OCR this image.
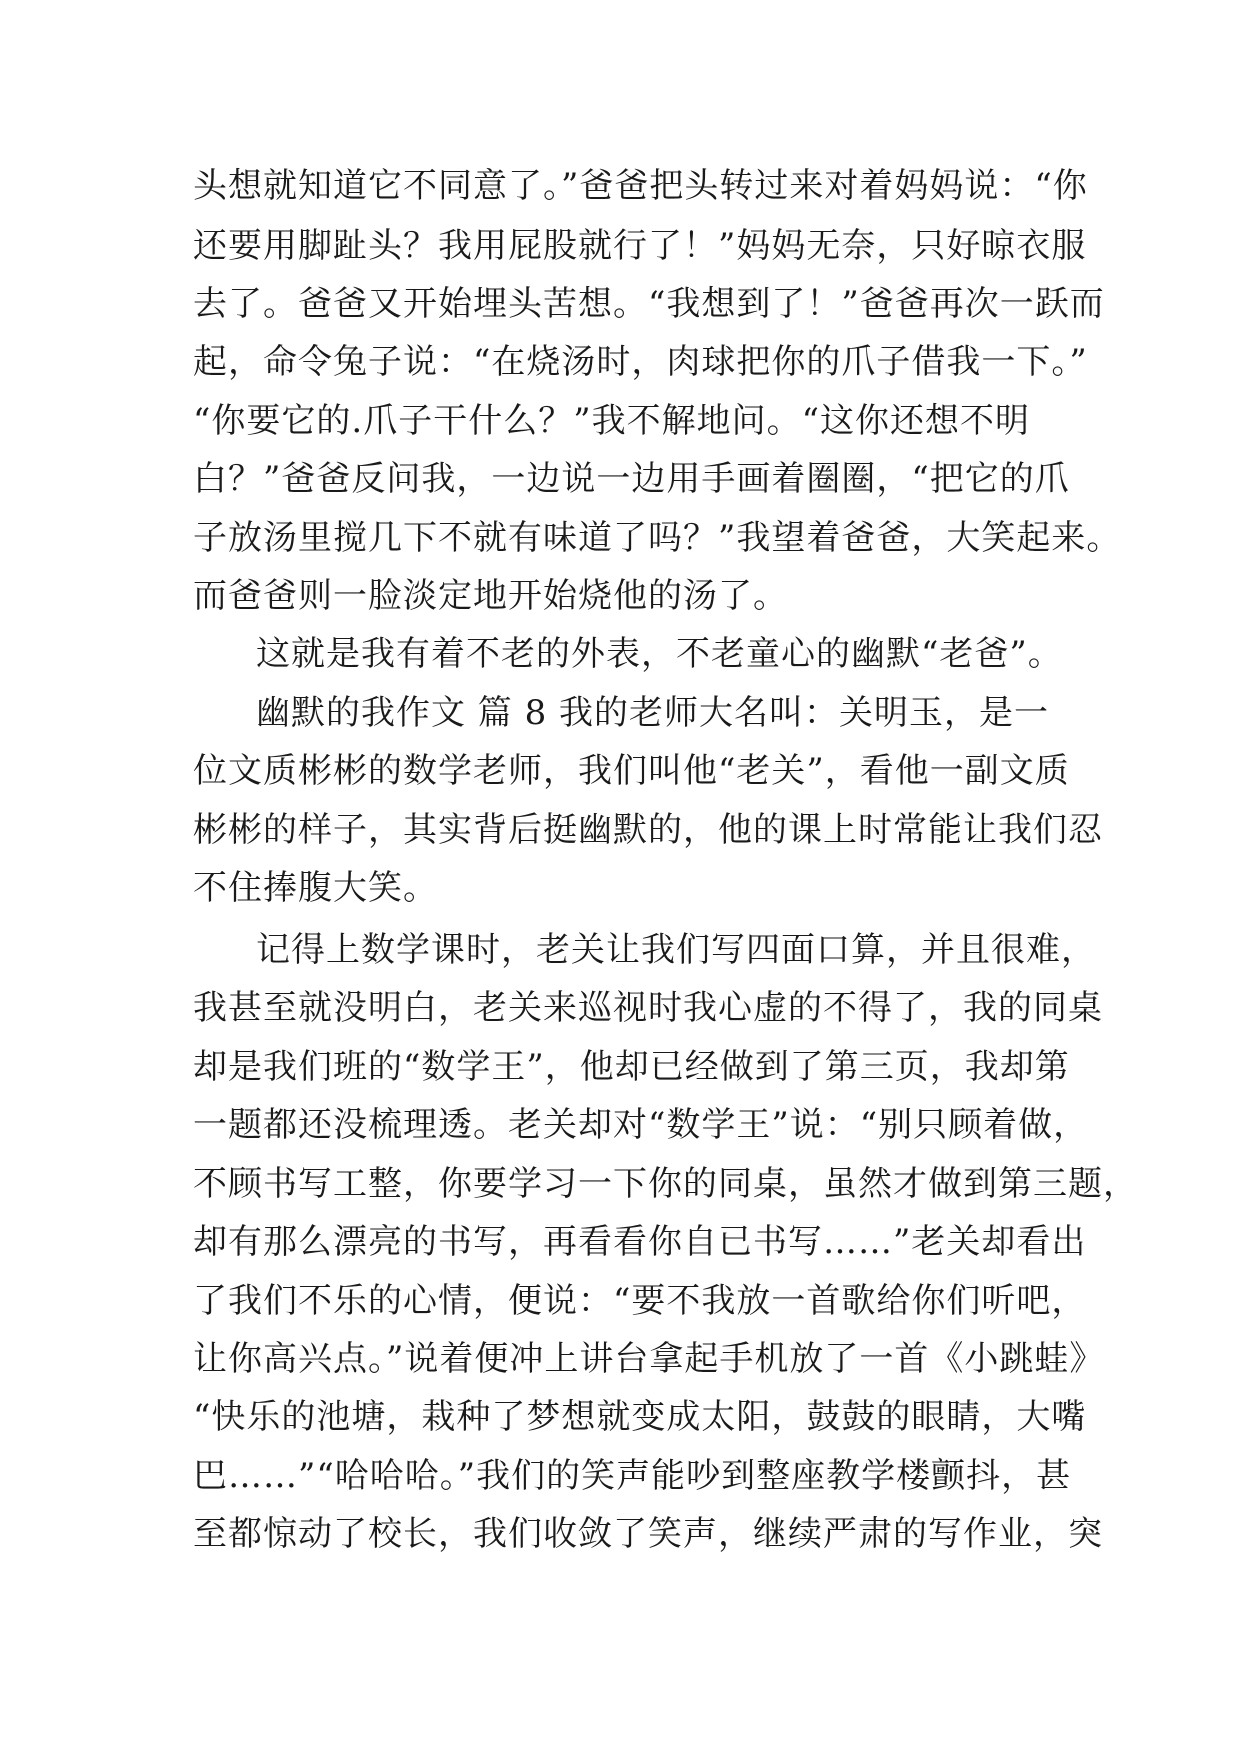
头想就知道它不同意了。”爸爸把头转过来对着妈妈说：“你
还要用脚趾头？我用屁股就行了！”妈妈无奈，只好晾衣服
去了。爸爸又开始埋头苦想。“我想到了！”爸爸再次一跃而
起，命令兔子说：“在烧汤时，肉球把你的爪子借我一下。”
“你要它的.爪子干什么？”我不解地问。“这你还想不明
白？”爸爸反问我，一边说一边用手画着圈圈，“把它的爪
子放汤里搅几下不就有味道了吗？”我望着爸爸，大笑起来。
而爸爸则一脸淡定地开始烧他的汤了。
这就是我有着不老的外表，不老童心的幽默“老爸”。
幽默的我作文 篇 8 我的老师大名叫：关明玉，是一
位文质彬彬的数学老师，我们叫他“老关”，看他一副文质
彬彬的样子，其实背后挺幽默的，他的课上时常能让我们忍
不住捧腹大笑。
记得上数学课时，老关让我们写四面口算，并且很难，
我甚至就没明白，老关来巡视时我心虚的不得了，我的同桌
却是我们班的“数学王”，他却已经做到了第三页，我却第
一题都还没梳理透。老关却对“数学王”说：“别只顾着做，
不顾书写工整，你要学习一下你的同桌，虽然才做到第三题，
却有那么漂亮的书写，再看看你自已书写……”老关却看出
了我们不乐的心情，便说：“要不我放一首歌给你们听吧，
让你高兴点。”说着便冲上讲台拿起手机放了一首《小跳蛙》
“快乐的池塘，栽种了梦想就变成太阳，鼓鼓的眼睛，大嘴
巴……”“哈哈哈。”我们的笑声能吵到整座教学楼颤抖，甚
至都惊动了校长，我们收敛了笑声，继续严肃的写作业，突
